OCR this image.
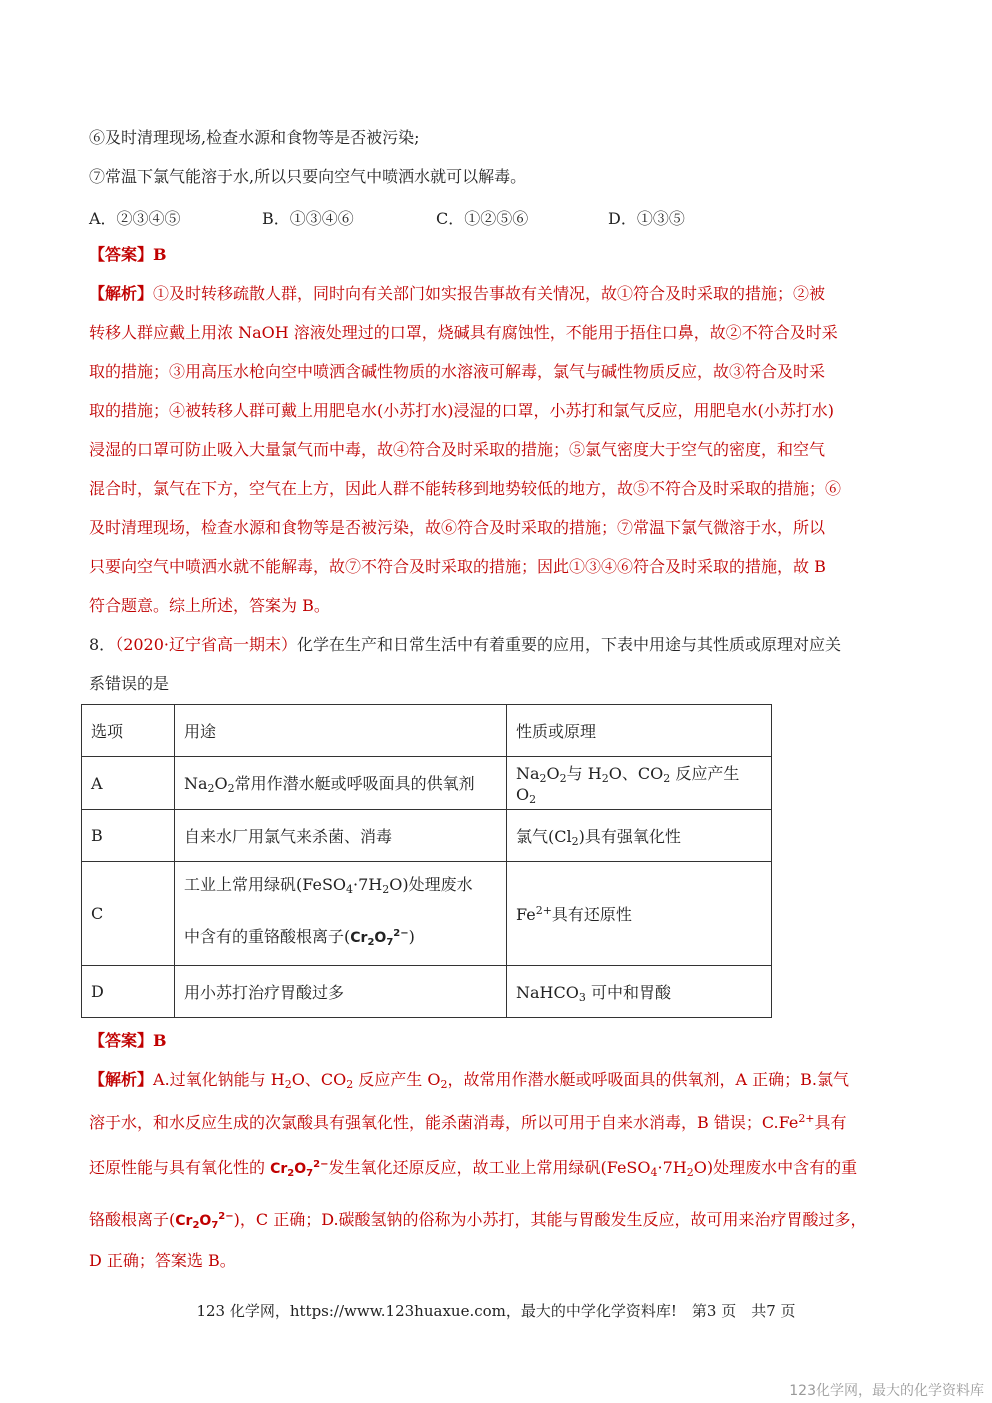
⑥及时清理现场,检查水源和食物等是否被污染;
⑦常温下氯气能溶于水,所以只要向空气中喷洒水就可以解毒。
A．②③④⑤	B．①③④⑥	C．①②⑤⑥	D．①③⑤
【答案】B
【解析】①及时转移疏散人群，同时向有关部门如实报告事故有关情况，故①符合及时采取的措施；②被
转移人群应戴上用浓 NaOH 溶液处理过的口罩，烧碱具有腐蚀性，不能用于捂住口鼻，故②不符合及时采
取的措施；③用高压水枪向空中喷洒含碱性物质的水溶液可解毒，氯气与碱性物质反应，故③符合及时采
取的措施；④被转移人群可戴上用肥皂水(小苏打水)浸湿的口罩，小苏打和氯气反应，用肥皂水(小苏打水)
浸湿的口罩可防止吸入大量氯气而中毒，故④符合及时采取的措施；⑤氯气密度大于空气的密度，和空气
混合时，氯气在下方，空气在上方，因此人群不能转移到地势较低的地方，故⑤不符合及时采取的措施；⑥
及时清理现场，检查水源和食物等是否被污染，故⑥符合及时采取的措施；⑦常温下氯气微溶于水，所以
只要向空气中喷洒水就不能解毒，故⑦不符合及时采取的措施；因此①③④⑥符合及时采取的措施，故 B
符合题意。综上所述，答案为 B。
8．（2020·辽宁省高一期末）化学在生产和日常生活中有着重要的应用，下表中用途与其性质或原理对应关
系错误的是
选项	用途	性质或原理
A	$Na_2O_2$常用作潜水艇或呼吸面具的供氧剂	$Na_2O_2$与 $H_2O$、$CO_2$ 反应产生 $O_2$
B	自来水厂用氯气来杀菌、消毒	氯气$(Cl_2)$具有强氧化性
C	工业上常用绿矾$(FeSO_4\cdot 7H_2O)$处理废水
中含有的重铬酸根离子$(Cr_2O_7^{2-})$	$Fe^{2+}$具有还原性
D	用小苏打治疗胃酸过多	NaHCO$_3$ 可中和胃酸
【答案】B
【解析】A.过氧化钠能与 $H_2O$、$CO_2$ 反应产生 $O_2$，故常用作潜水艇或呼吸面具的供氧剂，A 正确；B.氯气
溶于水，和水反应生成的次氯酸具有强氧化性，能杀菌消毒，所以可用于自来水消毒，B 错误；$C.Fe^{2+}$具有
还原性能与具有氧化性的 $Cr_2O_7^{2-}$发生氧化还原反应，故工业上常用绿矾$(FeSO_4\cdot 7H_2O)$处理废水中含有的重
铬酸根离子$(Cr_2O_7^{2-})$，C 正确；D.碳酸氢钠的俗称为小苏打，其能与胃酸发生反应，故可用来治疗胃酸过多，
D 正确；答案选 B。
123 化学网，https://www.123huaxue.com，最大的中学化学资料库!　第3 页　共7 页
123化学网，最大的化学资料库
